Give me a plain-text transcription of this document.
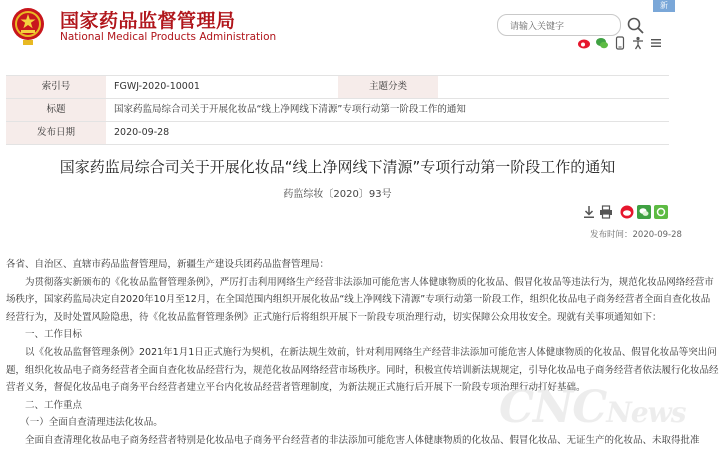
国家药品监督管理局
National Medical Products Administration
请输入关键字
新
索引号	FGWJ-2020-10001	主题分类
标题	国家药监局综合司关于开展化妆品“线上净网线下清源”专项行动第一阶段工作的通知
发布日期	2020-09-28
国家药监局综合司关于开展化妆品“线上净网线下清源”专项行动第一阶段工作的通知
药监综妆〔2020〕93号
发布时间：2020-09-28

各省、自治区、直辖市药品监督管理局，新疆生产建设兵团药品监督管理局：

　　为贯彻落实新颁布的《化妆品监督管理条例》，严厉打击利用网络生产经营非法添加可能危害人体健康物质的化妆品、假冒化妆品等违法行为，规范化妆品网络经营市

场秩序，国家药监局决定自2020年10月至12月，在全国范围内组织开展化妆品“线上净网线下清源”专项行动第一阶段工作，组织化妆品电子商务经营者全面自查化妆品

经营行为，及时处置风险隐患，待《化妆品监督管理条例》正式施行后将组织开展下一阶段专项治理行动，切实保障公众用妆安全。现就有关事项通知如下：

　　一、工作目标

　　以《化妆品监督管理条例》2021年1月1日正式施行为契机，在新法规生效前，针对利用网络生产经营非法添加可能危害人体健康物质的化妆品、假冒化妆品等突出问

题，组织化妆品电子商务经营者全面自查化妆品经营行为，规范化妆品网络经营市场秩序。同时，积极宣传培训新法规规定，引导化妆品电子商务经营者依法履行化妆品经

营者义务，督促化妆品电子商务平台经营者建立平台内化妆品经营者管理制度，为新法规正式施行后开展下一阶段专项治理行动打好基础。

　　二、工作重点

　　（一）全面自查清理违法化妆品。

　　全面自查清理化妆品电子商务经营者特别是化妆品电子商务平台经营者的非法添加可能危害人体健康物质的化妆品、假冒化妆品、无证生产的化妆品、未取得批准

CNCNews
